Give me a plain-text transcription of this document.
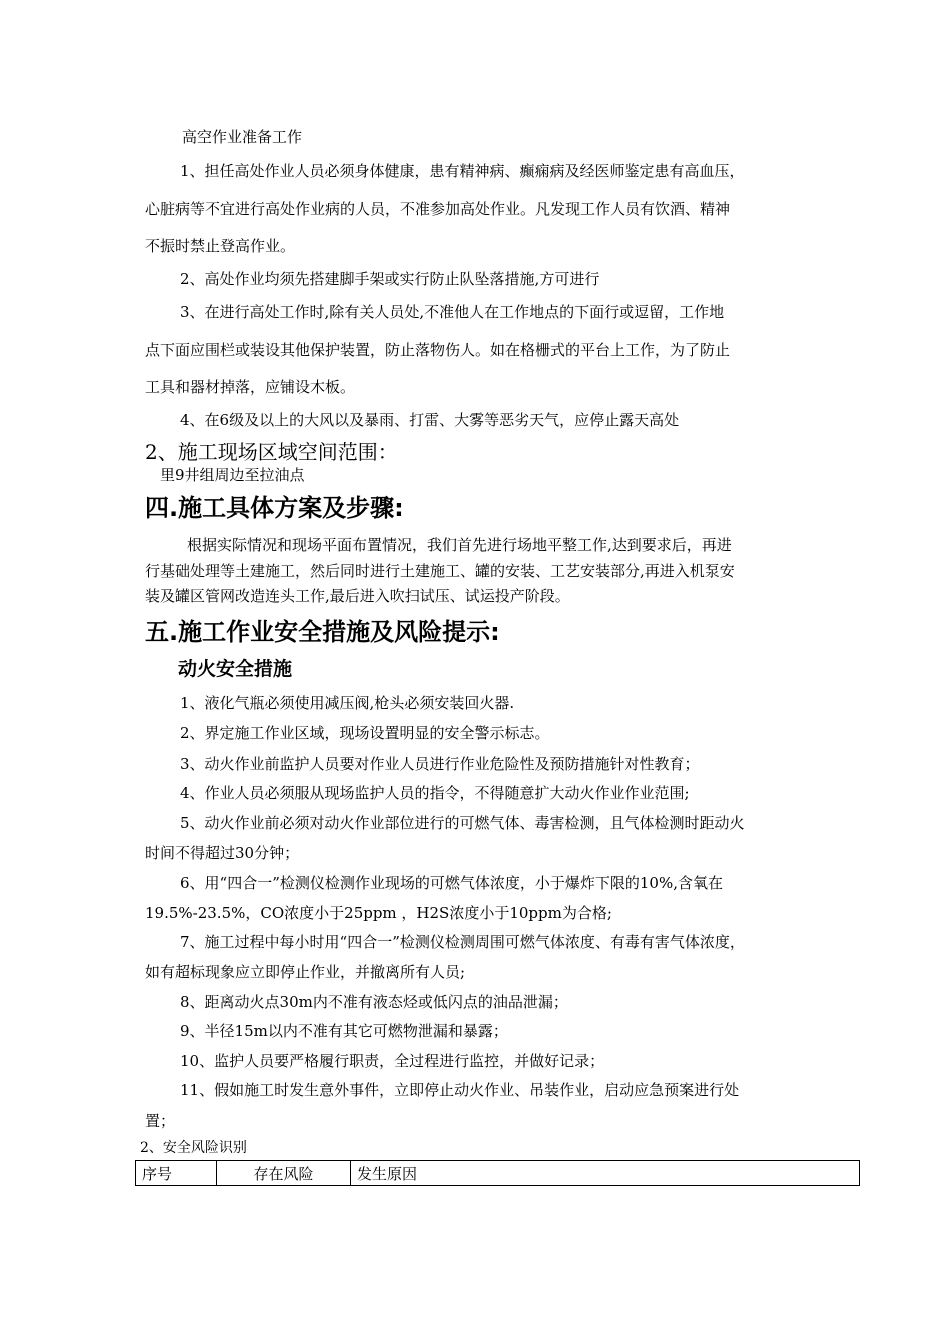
高空作业准备工作
1、担任高处作业人员必须身体健康，患有精神病、癫痫病及经医师鉴定患有高血压，
心脏病等不宜进行高处作业病的人员，不准参加高处作业。凡发现工作人员有饮酒、精神
不振时禁止登高作业。
2、高处作业均须先搭建脚手架或实行防止队坠落措施,方可进行
3、在进行高处工作时,除有关人员处,不准他人在工作地点的下面行或逗留，工作地
点下面应围栏或装设其他保护装置，防止落物伤人。如在格栅式的平台上工作，为了防止
工具和器材掉落，应铺设木板。
4、在6级及以上的大风以及暴雨、打雷、大雾等恶劣天气，应停止露天高处
2、施工现场区域空间范围：
里9井组周边至拉油点
四.施工具体方案及步骤:
根据实际情况和现场平面布置情况，我们首先进行场地平整工作,达到要求后，再进
行基础处理等土建施工，然后同时进行土建施工、罐的安装、工艺安装部分,再进入机泵安
装及罐区管网改造连头工作,最后进入吹扫试压、试运投产阶段。
五.施工作业安全措施及风险提示:
动火安全措施
1、液化气瓶必须使用减压阀,枪头必须安装回火器.
2、界定施工作业区域，现场设置明显的安全警示标志。
3、动火作业前监护人员要对作业人员进行作业危险性及预防措施针对性教育；
4、作业人员必须服从现场监护人员的指令，不得随意扩大动火作业作业范围;
5、动火作业前必须对动火作业部位进行的可燃气体、毒害检测，且气体检测时距动火
时间不得超过30分钟；
6、用“四合一”检测仪检测作业现场的可燃气体浓度，小于爆炸下限的10%,含氧在
19.5%-23.5%，CO浓度小于25ppm ，H2S浓度小于10ppm为合格;
7、施工过程中每小时用“四合一”检测仪检测周围可燃气体浓度、有毒有害气体浓度，
如有超标现象应立即停止作业，并撤离所有人员;
8、距离动火点30m内不准有液态烃或低闪点的油品泄漏；
9、半径15m以内不准有其它可燃物泄漏和暴露；
10、监护人员要严格履行职责，全过程进行监控，并做好记录；
11、假如施工时发生意外事件，立即停止动火作业、吊装作业，启动应急预案进行处
置；
2、安全风险识别
序号	存在风险	发生原因
